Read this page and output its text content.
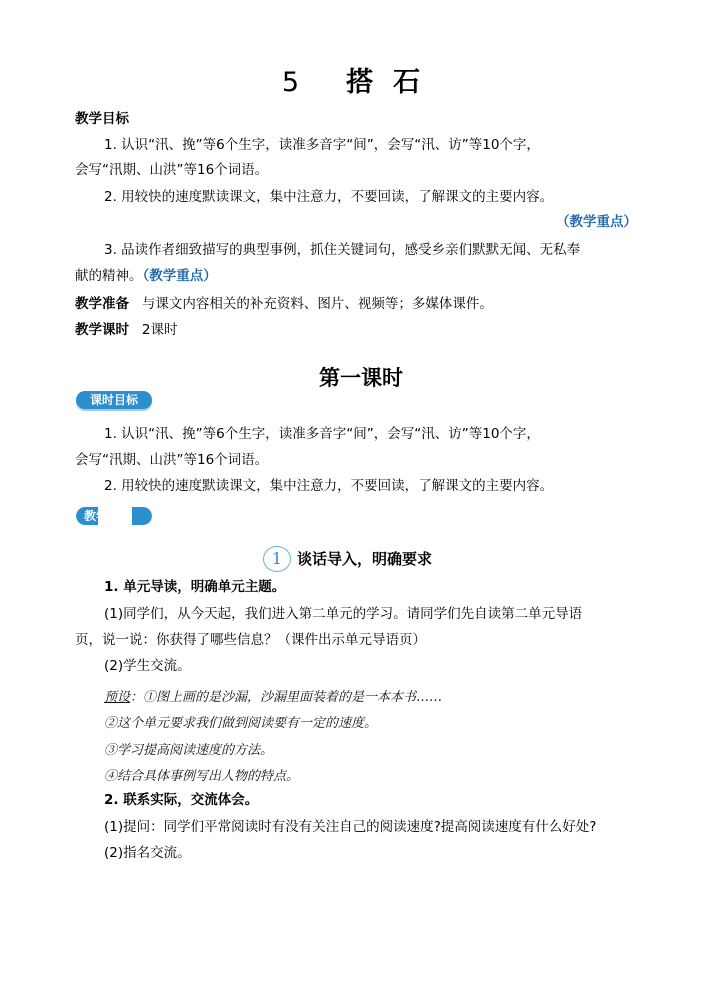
5 搭石
教学目标
1. 认识“汛、挽”等6个生字，读准多音字“间”，会写“汛、访”等10个字，
会写“汛期、山洪”等16个词语。
2. 用较快的速度默读课文，集中注意力，不要回读，了解课文的主要内容。
（教学重点）
3. 品读作者细致描写的典型事例，抓住关键词句，感受乡亲们默默无闻、无私奉
献的精神。（教学重点）
教学准备 与课文内容相关的补充资料、图片、视频等；多媒体课件。
教学课时 2课时
第一课时
课时目标
1. 认识“汛、挽”等6个生字，读准多音字“间”，会写“汛、访”等10个字，
会写“汛期、山洪”等16个词语。
2. 用较快的速度默读课文，集中注意力，不要回读，了解课文的主要内容。
教学过程
1 谈话导入，明确要求
1. 单元导读，明确单元主题。
(1)同学们，从今天起，我们进入第二单元的学习。请同学们先自读第二单元导语
页，说一说：你获得了哪些信息？（课件出示单元导语页）
(2)学生交流。
预设：①图上画的是沙漏，沙漏里面装着的是一本本书……
②这个单元要求我们做到阅读要有一定的速度。
③学习提高阅读速度的方法。
④结合具体事例写出人物的特点。
2. 联系实际，交流体会。
(1)提问：同学们平常阅读时有没有关注自己的阅读速度?提高阅读速度有什么好处?
(2)指名交流。
